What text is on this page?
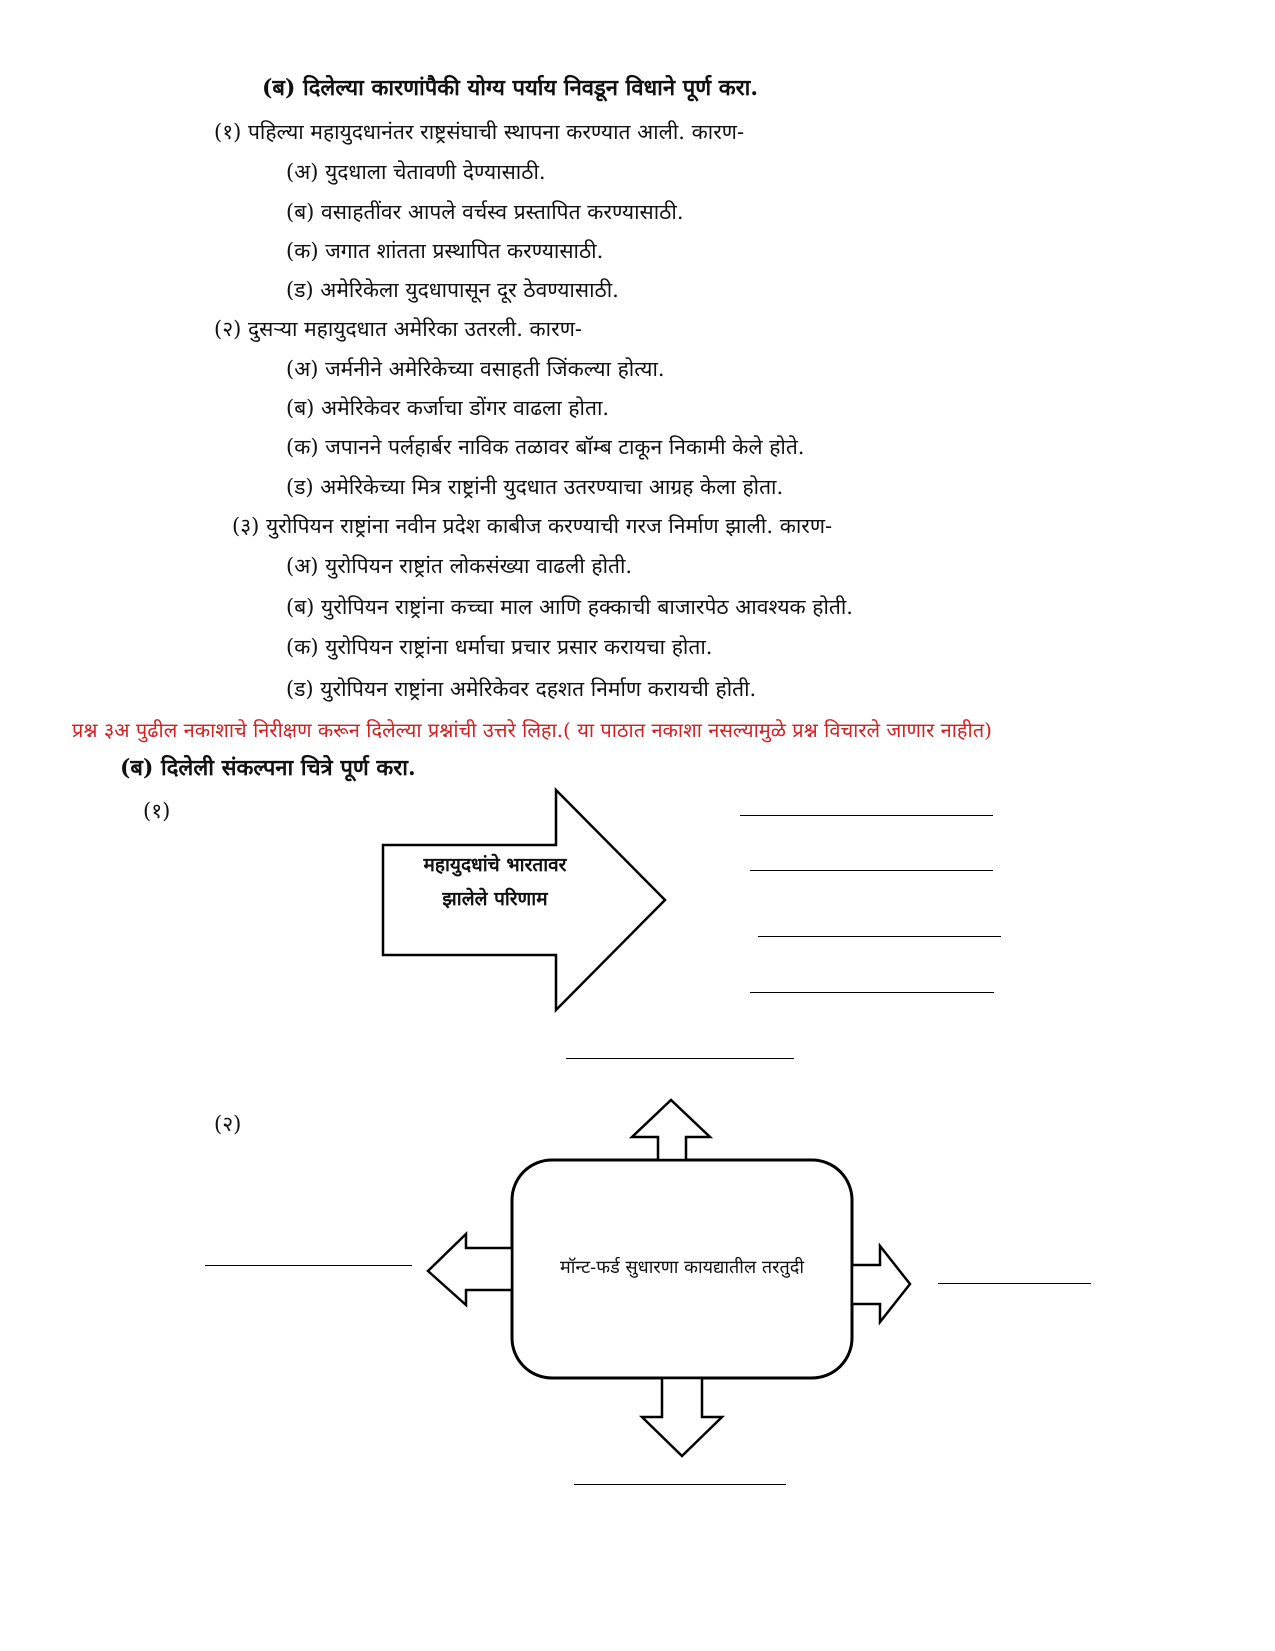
(ब) दिलेल्या कारणांपैकी योग्य पर्याय निवडून विधाने पूर्ण करा.
(१) पहिल्या महायुदधानंतर राष्ट्रसंघाची स्थापना करण्यात आली. कारण-
(अ) युदधाला चेतावणी देण्यासाठी.
(ब) वसाहतींवर आपले वर्चस्व प्रस्तापित करण्यासाठी.
(क) जगात शांतता प्रस्थापित करण्यासाठी.
(ड) अमेरिकेला युदधापासून दूर ठेवण्यासाठी.
(२) दुसऱ्या महायुदधात अमेरिका उतरली. कारण-
(अ) जर्मनीने अमेरिकेच्या वसाहती जिंकल्या होत्या.
(ब) अमेरिकेवर कर्जाचा डोंगर वाढला होता.
(क) जपानने पर्लहार्बर नाविक तळावर बॉम्ब टाकून निकामी केले होते.
(ड) अमेरिकेच्या मित्र राष्ट्रांनी युदधात उतरण्याचा आग्रह केला होता.
(३) युरोपियन राष्ट्रांना नवीन प्रदेश काबीज करण्याची गरज निर्माण झाली. कारण-
(अ) युरोपियन राष्ट्रांत लोकसंख्या वाढली होती.
(ब) युरोपियन राष्ट्रांना कच्चा माल आणि हक्काची बाजारपेठ आवश्यक होती.
(क) युरोपियन राष्ट्रांना धर्माचा प्रचार प्रसार करायचा होता.
(ड) युरोपियन राष्ट्रांना अमेरिकेवर दहशत निर्माण करायची होती.
प्रश्न ३अ पुढील नकाशाचे निरीक्षण करून दिलेल्या प्रश्नांची उत्तरे लिहा.( या पाठात नकाशा नसल्यामुळे प्रश्न विचारले जाणार नाहीत)
(ब) दिलेली संकल्पना चित्रे पूर्ण करा.
(१)
महायुदधांचे भारतावर
झालेले परिणाम
(२)
मॉन्ट-फर्ड सुधारणा कायद्यातील तरतुदी
